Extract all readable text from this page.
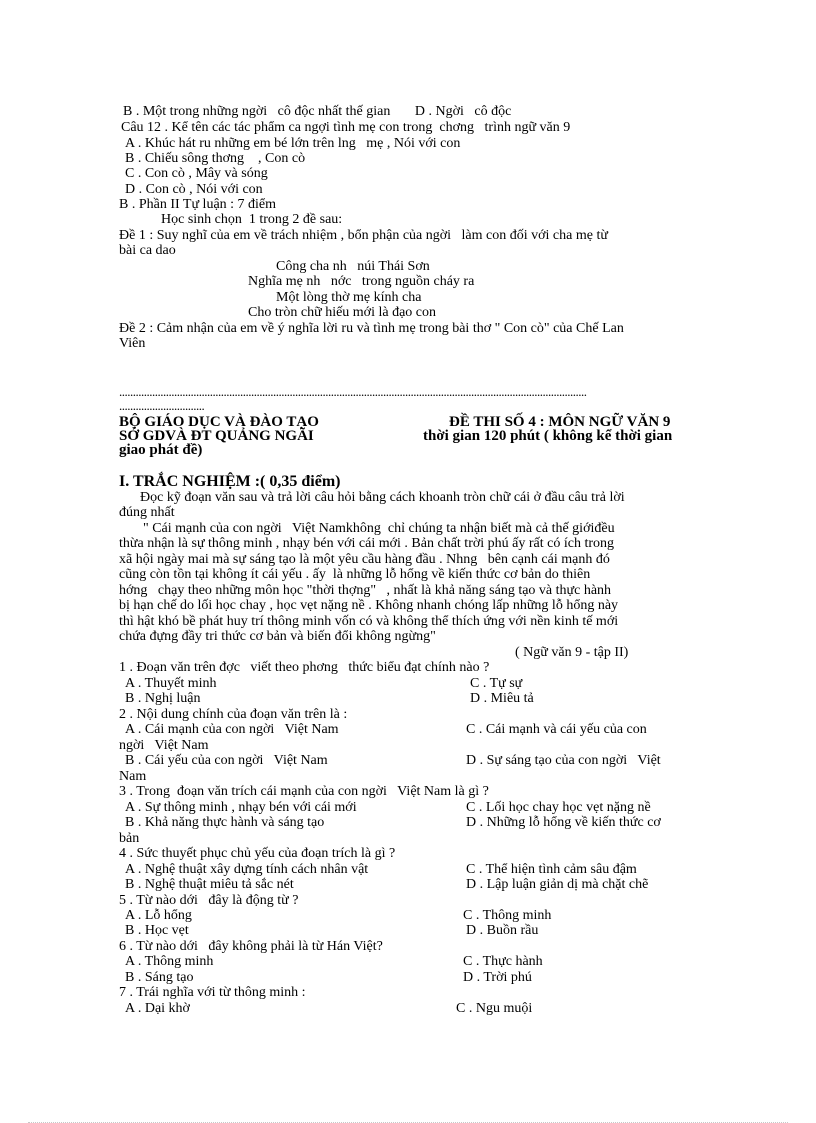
B . Một trong những ngời   cô độc nhất thế gian       D . Ngời   cô độc
Câu 12 . Kể tên các tác phẩm ca ngợi tình mẹ con trong  chơng   trình ngữ văn 9
A . Khúc hát ru những em bé lớn trên lng   mẹ , Nói với con
B . Chiếu sông thơng    , Con cò
C . Con cò , Mây và sóng
D . Con cò , Nói với con
B . Phần II Tự luận : 7 điểm
Học sinh chọn  1 trong 2 đề sau:
Đề 1 : Suy nghĩ của em về trách nhiệm , bổn phận của ngời   làm con đối với cha mẹ từ
bài ca dao
Công cha nh   núi Thái Sơn
Nghĩa mẹ nh   nớc   trong nguồn cháy ra
Một lòng thờ mẹ kính cha
Cho tròn chữ hiếu mới là đạo con
Đề 2 : Cảm nhận của em về ý nghĩa lời ru và tình mẹ trong bài thơ " Con cò" của Chế Lan
Viên
..........................................................................................................................................................................
...............................
BỘ GIÁO DỤC VÀ ĐÀO TẠO	ĐỀ THI SỐ 4 : MÔN NGỮ VĂN 9
SỞ GDVÀ ĐT QUẢNG NGÃI	thời gian 120 phút ( không kể thời gian
giao phát đề)
I. TRẮC NGHIỆM :( 0,35 điểm)
Đọc kỹ đoạn văn sau và trả lời câu hỏi bằng cách khoanh tròn chữ cái ở đầu câu trả lời
đúng nhất
" Cái mạnh của con ngời   Việt Namkhông  chỉ chúng ta nhận biết mà cả thế giớiđều
thừa nhận là sự thông minh , nhạy bén với cái mới . Bản chất trời phú ấy rất có ích trong
xã hội ngày mai mà sự sáng tạo là một yêu cầu hàng đầu . Nhng   bên cạnh cái mạnh đó
cũng còn tồn tại không ít cái yếu . ấy  là những lỗ hổng về kiến thức cơ bản do thiên
hớng   chạy theo những môn học "thời thợng"   , nhất là khả năng sáng tạo và thực hành
bị hạn chế do lối học chay , học vẹt nặng nề . Không nhanh chóng lấp những lỗ hổng này
thì hật khó bề phát huy trí thông minh vốn có và không thể thích ứng với nền kinh tế mới
chứa đựng đầy tri thức cơ bản và biến đổi không ngừng"
( Ngữ văn 9 - tập II)
1 . Đoạn văn trên đợc   viết theo phơng   thức biểu đạt chính nào ?
A . Thuyết minh	C . Tự sự
B . Nghị luận	D . Miêu tả
2 . Nội dung chính của đoạn văn trên là :
A . Cái mạnh của con ngời   Việt Nam	C . Cái mạnh và cái yếu của con
ngời   Việt Nam
B . Cái yếu của con ngời   Việt Nam	D . Sự sáng tạo của con ngời   Việt
Nam
3 . Trong  đoạn văn trích cái mạnh của con ngời   Việt Nam là gì ?
A . Sự thông minh , nhạy bén với cái mới	C . Lối học chay học vẹt nặng nề
B . Khả năng thực hành và sáng tạo	D . Những lỗ hổng về kiến thức cơ
bản
4 . Sức thuyết phục chủ yếu của đoạn trích là gì ?
A . Nghệ thuật xây dựng tính cách nhân vật	C . Thể hiện tình cảm sâu đậm
B . Nghệ thuật miêu tả sắc nét	D . Lập luận giản dị mà chặt chẽ
5 . Từ nào dới   đây là động từ ?
A . Lỗ hổng	C . Thông minh
B . Học vẹt	D . Buồn rầu
6 . Từ nào dới   đây không phải là từ Hán Việt?
A . Thông minh	C . Thực hành
B . Sáng tạo	D . Trời phú
7 . Trái nghĩa với từ thông minh :
A . Dại khờ	C . Ngu muội
